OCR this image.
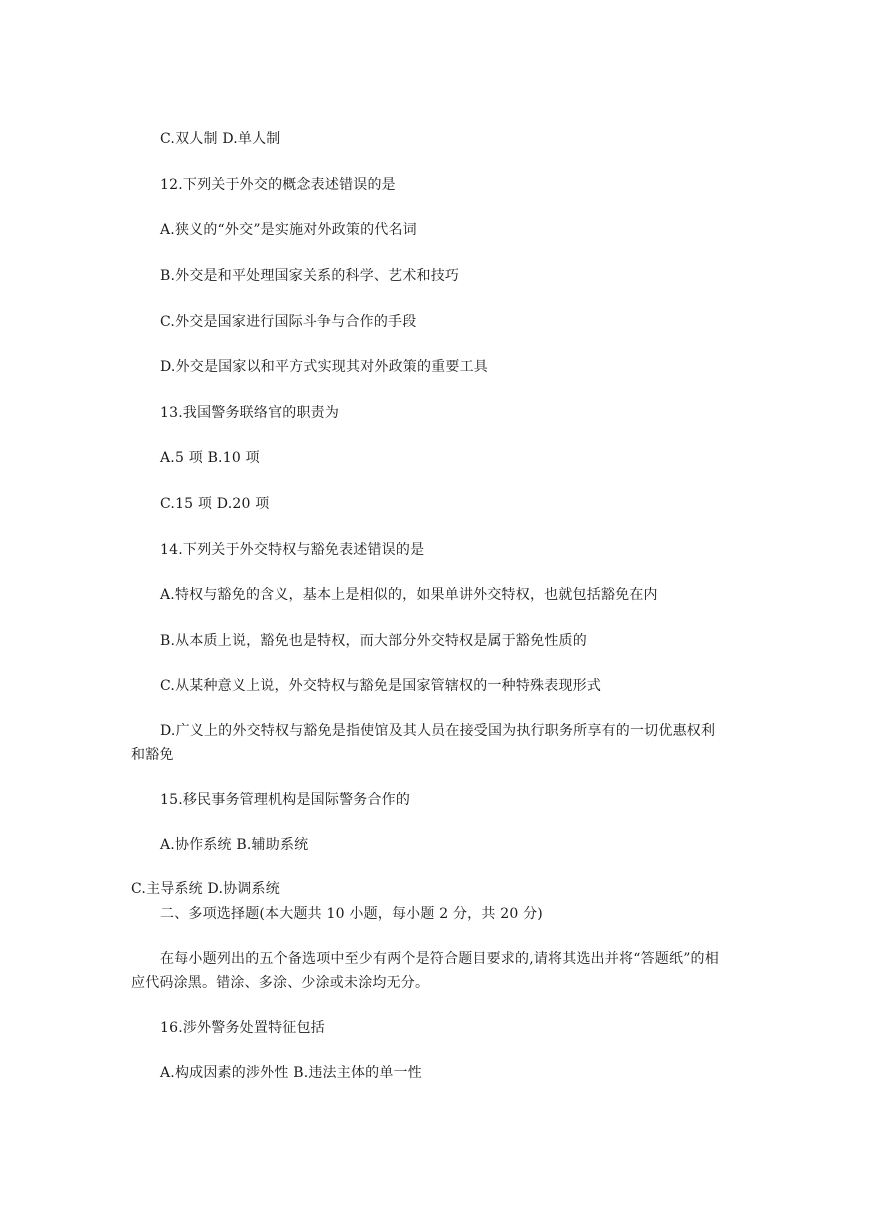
C.双人制 D.单人制
12.下列关于外交的概念表述错误的是
A.狭义的“外交”是实施对外政策的代名词
B.外交是和平处理国家关系的科学、艺术和技巧
C.外交是国家进行国际斗争与合作的手段
D.外交是国家以和平方式实现其对外政策的重要工具
13.我国警务联络官的职责为
A.5 项 B.10 项
C.15 项 D.20 项
14.下列关于外交特权与豁免表述错误的是
A.特权与豁免的含义，基本上是相似的，如果单讲外交特权，也就包括豁免在内
B.从本质上说，豁免也是特权，而大部分外交特权是属于豁免性质的
C.从某种意义上说，外交特权与豁免是国家管辖权的一种特殊表现形式
D.广义上的外交特权与豁免是指使馆及其人员在接受国为执行职务所享有的一切优惠权利和豁免
15.移民事务管理机构是国际警务合作的
A.协作系统 B.辅助系统
C.主导系统 D.协调系统
二、多项选择题(本大题共 10 小题，每小题 2 分，共 20 分)
在每小题列出的五个备选项中至少有两个是符合题目要求的,请将其选出并将“答题纸”的相应代码涂黑。错涂、多涂、少涂或未涂均无分。
16.涉外警务处置特征包括
A.构成因素的涉外性 B.违法主体的单一性
